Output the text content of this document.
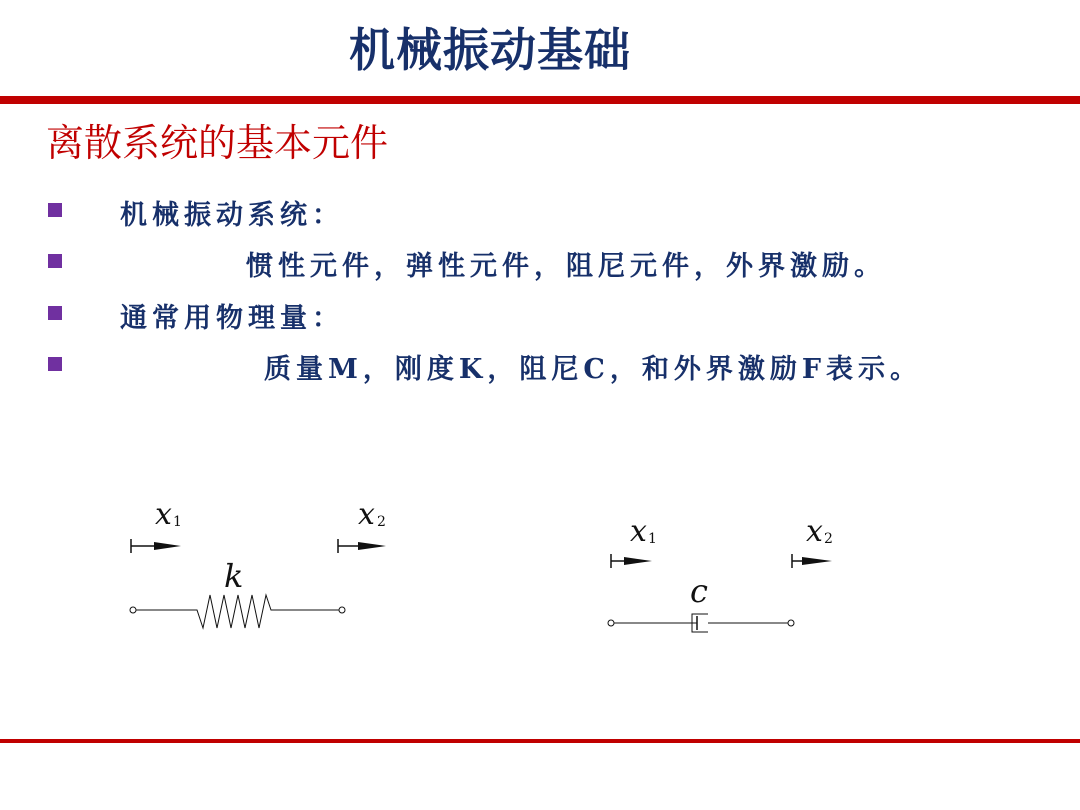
机械振动基础
离散系统的基本元件
机械振动系统：
惯性元件，弹性元件，阻尼元件，外界激励。
通常用物理量：
质量M，刚度K，阻尼C，和外界激励F表示。
x 1	x 2
k
x 1	x 2
c
